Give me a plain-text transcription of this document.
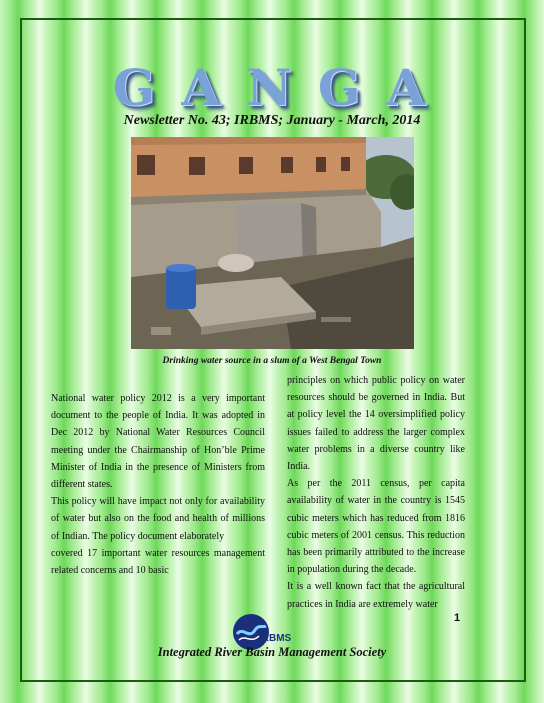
GANGA
Newsletter No. 43; IRBMS; January - March, 2014
Drinking water source in a slum of a West Bengal Town

National water policy 2012 is a very important document to the people of India. It was adopted in Dec 2012 by National Water Resources Council meeting under the Chairmanship of Hon’ble Prime Minister of India in the presence of Ministers from different states.

This policy will have impact not only for availability of water but also on the food and health of millions of Indian. The policy document elaborately

covered 17 important water resources management related concerns and 10 basic

principles on which public policy on water resources should be governed in India. But at policy level the 14 oversimplified policy issues failed to address the larger complex water problems in a diverse country like India.

As per the 2011 census, per capita availability of water in the country is 1545 cubic meters which has reduced from 1816 cubic meters of 2001 census. This reduction has been primarily attributed to the increase in population during the decade.

It is a well known fact that the agricultural practices in India are extremely water

1
IRBMS
Integrated River Basin Management Society
